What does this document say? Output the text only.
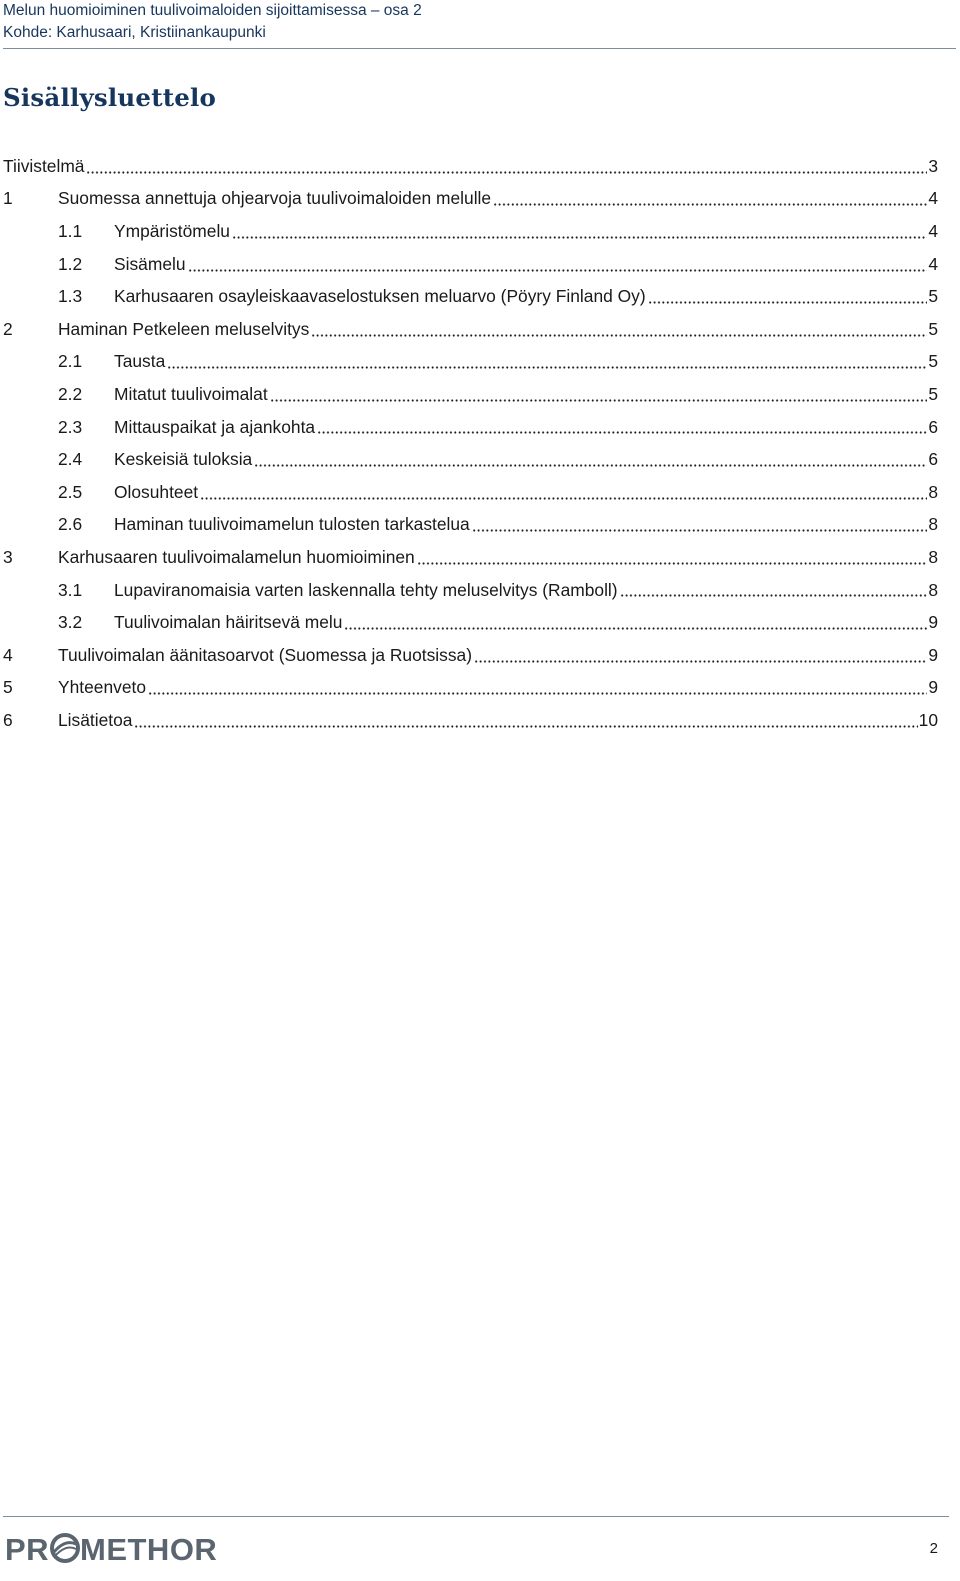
Melun huomioiminen tuulivoimaloiden sijoittamisessa – osa 2
Kohde: Karhusaari, Kristiinankaupunki
Sisällysluettelo
Tiivistelmä	3
1	Suomessa annettuja ohjearvoja tuulivoimaloiden melulle	4
1.1	Ympäristömelu	4
1.2	Sisämelu	4
1.3	Karhusaaren osayleiskaavaselostuksen meluarvo (Pöyry Finland Oy)	5
2	Haminan Petkeleen meluselvitys	5
2.1	Tausta	5
2.2	Mitatut tuulivoimalat	5
2.3	Mittauspaikat ja ajankohta	6
2.4	Keskeisiä tuloksia	6
2.5	Olosuhteet	8
2.6	Haminan tuulivoimamelun tulosten tarkastelua	8
3	Karhusaaren tuulivoimalamelun huomioiminen	8
3.1	Lupaviranomaisia varten laskennalla tehty meluselvitys (Ramboll)	8
3.2	Tuulivoimalan häiritsevä melu	9
4	Tuulivoimalan äänitasoarvot (Suomessa ja Ruotsissa)	9
5	Yhteenveto	9
6	Lisätietoa	10
PR METHOR	2
